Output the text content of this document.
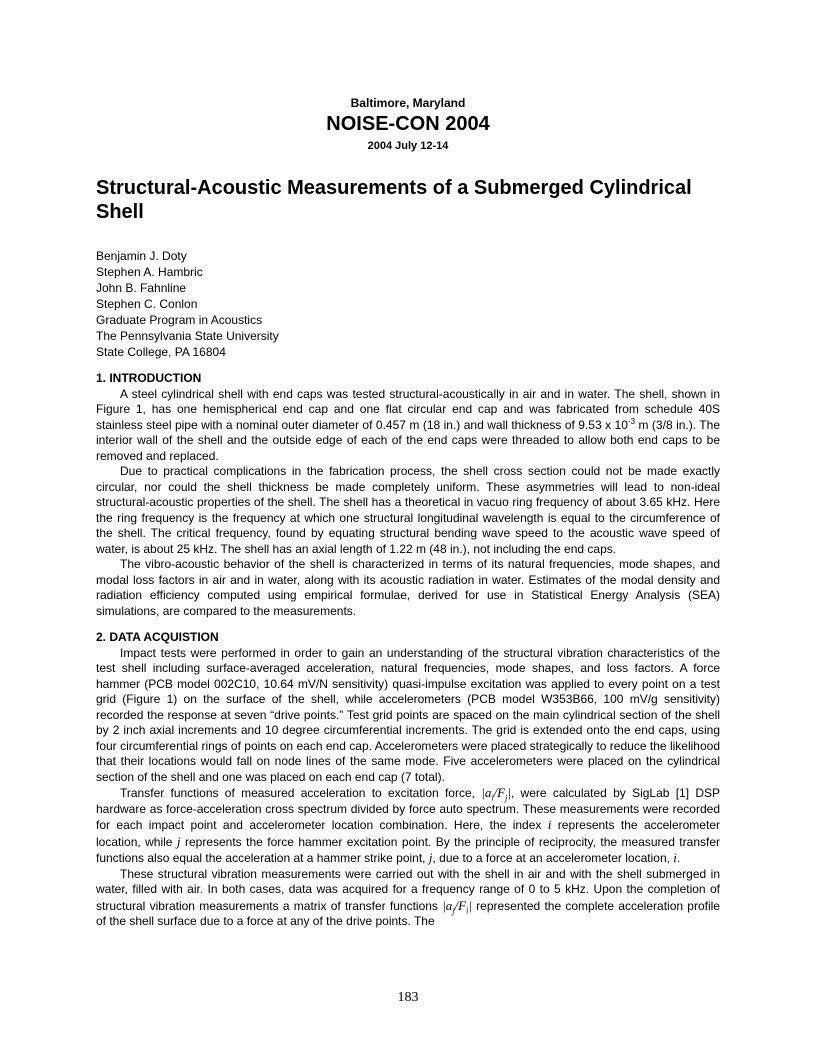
Baltimore, Maryland
NOISE-CON 2004
2004 July 12-14
Structural-Acoustic Measurements of a Submerged Cylindrical Shell
Benjamin J. Doty
Stephen A. Hambric
John B. Fahnline
Stephen C. Conlon
Graduate Program in Acoustics
The Pennsylvania State University
State College, PA 16804

1. INTRODUCTION

A steel cylindrical shell with end caps was tested structural-acoustically in air and in water. The shell, shown in Figure 1, has one hemispherical end cap and one flat circular end cap and was fabricated from schedule 40S stainless steel pipe with a nominal outer diameter of 0.457 m (18 in.) and wall thickness of 9.53 x $10^{-3}$ m (3/8 in.). The interior wall of the shell and the outside edge of each of the end caps were threaded to allow both end caps to be removed and replaced.

Due to practical complications in the fabrication process, the shell cross section could not be made exactly circular, nor could the shell thickness be made completely uniform. These asymmetries will lead to non-ideal structural-acoustic properties of the shell. The shell has a theoretical in vacuo ring frequency of about 3.65 kHz. Here the ring frequency is the frequency at which one structural longitudinal wavelength is equal to the circumference of the shell. The critical frequency, found by equating structural bending wave speed to the acoustic wave speed of water, is about 25 kHz. The shell has an axial length of 1.22 m (48 in.), not including the end caps.

The vibro-acoustic behavior of the shell is characterized in terms of its natural frequencies, mode shapes, and modal loss factors in air and in water, along with its acoustic radiation in water. Estimates of the modal density and radiation efficiency computed using empirical formulae, derived for use in Statistical Energy Analysis (SEA) simulations, are compared to the measurements.

2. DATA ACQUISTION

Impact tests were performed in order to gain an understanding of the structural vibration characteristics of the test shell including surface-averaged acceleration, natural frequencies, mode shapes, and loss factors. A force hammer (PCB model 002C10, 10.64 mV/N sensitivity) quasi-impulse excitation was applied to every point on a test grid (Figure 1) on the surface of the shell, while accelerometers (PCB model W353B66, 100 mV/g sensitivity) recorded the response at seven “drive points.” Test grid points are spaced on the main cylindrical section of the shell by 2 inch axial increments and 10 degree circumferential increments. The grid is extended onto the end caps, using four circumferential rings of points on each end cap. Accelerometers were placed strategically to reduce the likelihood that their locations would fall on node lines of the same mode. Five accelerometers were placed on the cylindrical section of the shell and one was placed on each end cap (7 total).

Transfer functions of measured acceleration to excitation force, $|a_i/F_j|$, were calculated by SigLab [1] DSP hardware as force-acceleration cross spectrum divided by force auto spectrum. These measurements were recorded for each impact point and accelerometer location combination. Here, the index i represents the accelerometer location, while j represents the force hammer excitation point. By the principle of reciprocity, the measured transfer functions also equal the acceleration at a hammer strike point, j, due to a force at an accelerometer location, i.

These structural vibration measurements were carried out with the shell in air and with the shell submerged in water, filled with air. In both cases, data was acquired for a frequency range of 0 to 5 kHz. Upon the completion of structural vibration measurements a matrix of transfer functions $|a_j/F_i|$ represented the complete acceleration profile of the shell surface due to a force at any of the drive points. The

183
